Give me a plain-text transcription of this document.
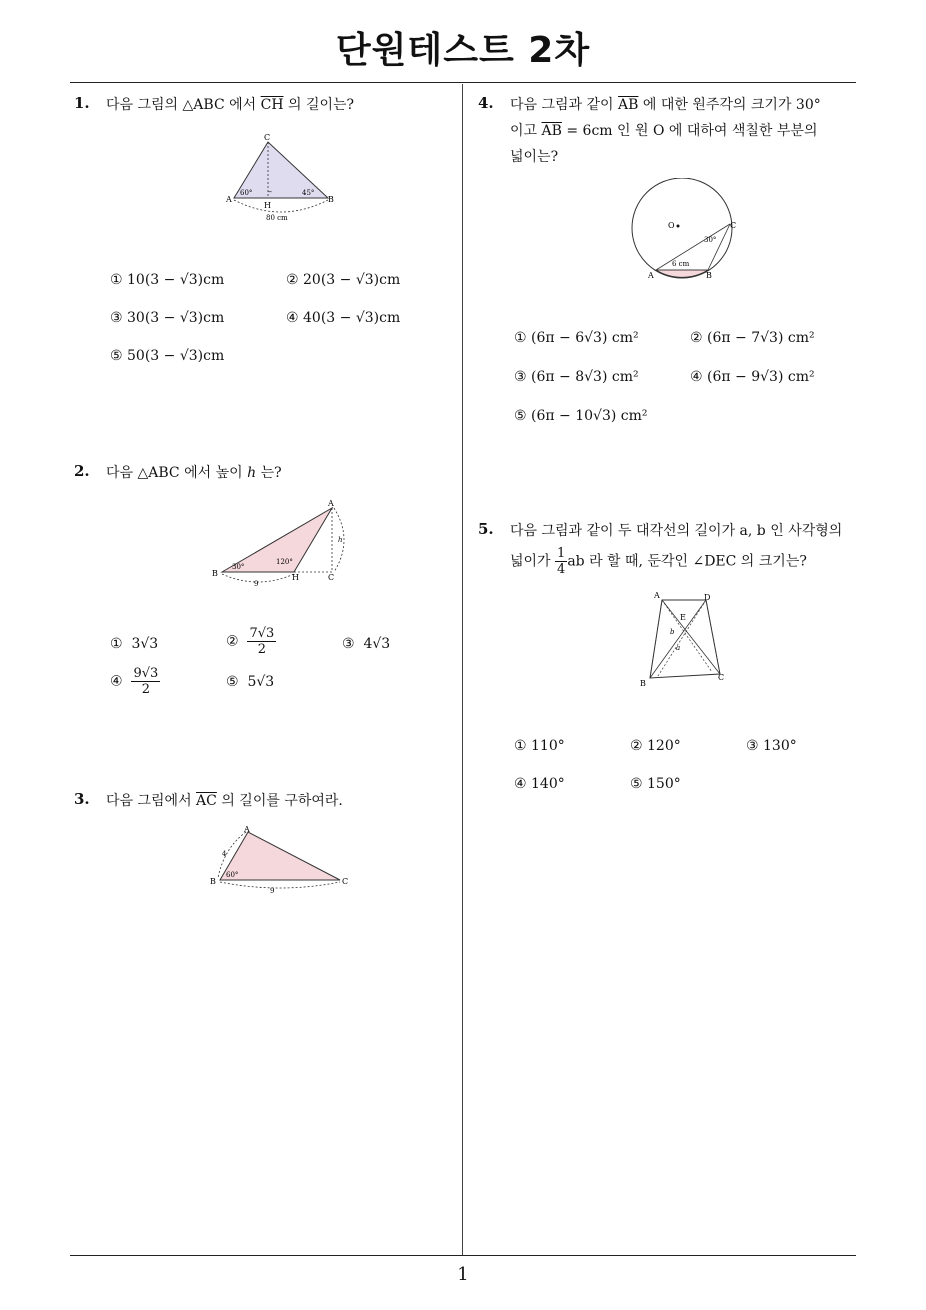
단원테스트 2차
1
1. 다음 그림의 △ABC 에서 $\overline{CH}$ 의 길이는?
C
A	B
H
60°	45°
–
80 cm
① 10(3 − √3)cm	② 20(3 − √3)cm
③ 30(3 − √3)cm	④ 40(3 − √3)cm
⑤ 50(3 − √3)cm
2. 다음 △ABC 에서 높이 h 는?
A
B	C
H
30°
120°
h
9
① 3√3	② $\frac{7√3}{2}$	③ 4√3
④ $\frac{9√3}{2}$	⑤ 5√3
3. 다음 그림에서 $\overline{AC}$ 의 길이를 구하여라.
A
B	C
60°
4
9
4. 다음 그림과 같이 $\overline{AB}$ 에 대한 원주각의 크기가 30°
이고 $\overline{AB} = 6cm$ 인 원 O 에 대하여 색칠한 부분의
넓이는?
O
A	B
C
30°
6 cm
① (6π − 6√3) cm²	② (6π − 7√3) cm²
③ (6π − 8√3) cm²	④ (6π − 9√3) cm²
⑤ (6π − 10√3) cm²
5. 다음 그림과 같이 두 대각선의 길이가 a, b 인 사각형의
넓이가 $\frac{1}{4}$ ab 라 할 때, 둔각인 ∠DEC 의 크기는?
A	D
B
C
E
b
a
① 110°	② 120°	③ 130°
④ 140°	⑤ 150°
